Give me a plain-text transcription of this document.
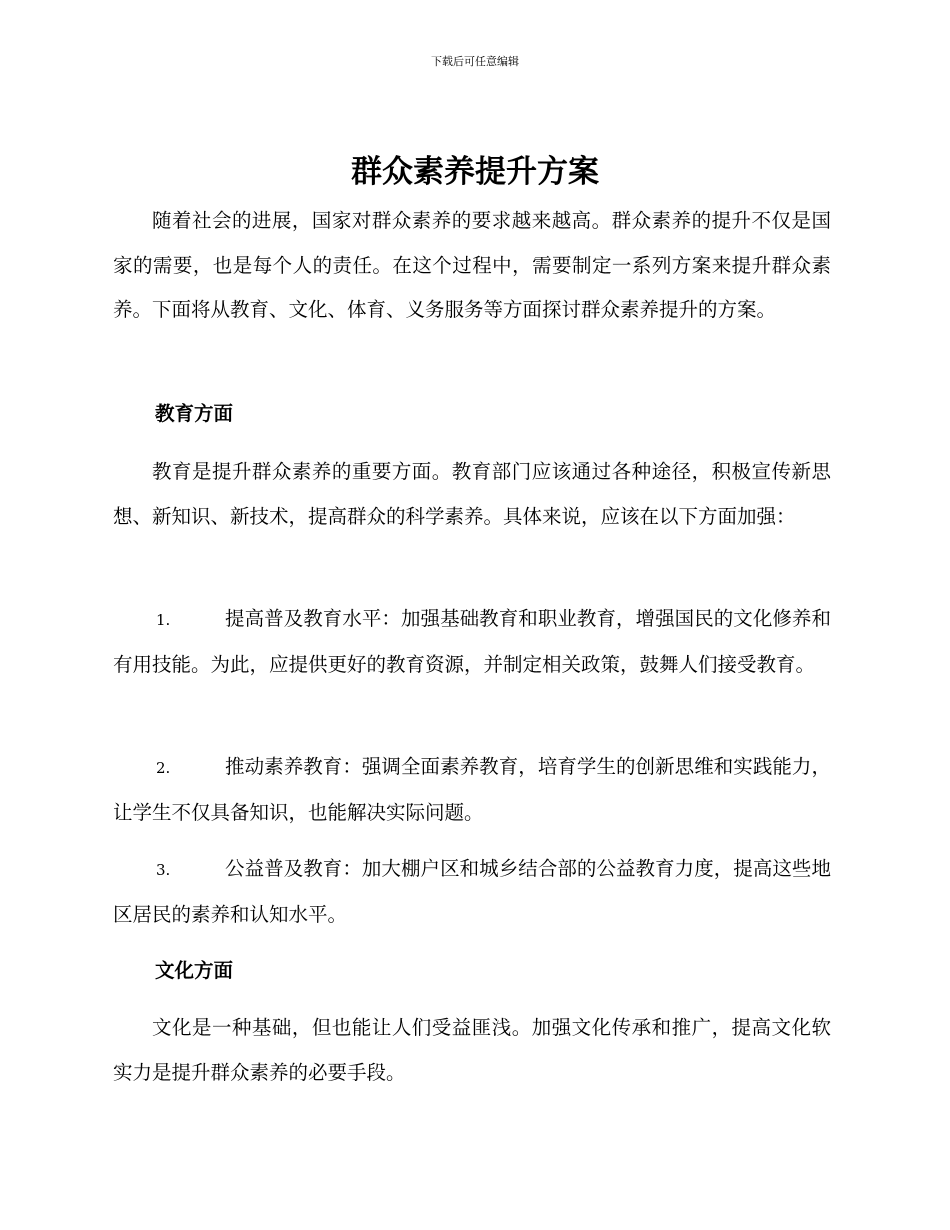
下载后可任意编辑
群众素养提升方案

随着社会的进展，国家对群众素养的要求越来越高。群众素养的提升不仅是国家的需要，也是每个人的责任。在这个过程中，需要制定一系列方案来提升群众素养。下面将从教育、文化、体育、义务服务等方面探讨群众素养提升的方案。

教育方面

教育是提升群众素养的重要方面。教育部门应该通过各种途径，积极宣传新思想、新知识、新技术，提高群众的科学素养。具体来说，应该在以下方面加强：

1.	提高普及教育水平：加强基础教育和职业教育，增强国民的文化修养和有用技能。为此，应提供更好的教育资源，并制定相关政策，鼓舞人们接受教育。

2.	推动素养教育：强调全面素养教育，培育学生的创新思维和实践能力，让学生不仅具备知识，也能解决实际问题。

3.	公益普及教育：加大棚户区和城乡结合部的公益教育力度，提高这些地区居民的素养和认知水平。

文化方面

文化是一种基础，但也能让人们受益匪浅。加强文化传承和推广，提高文化软实力是提升群众素养的必要手段。
